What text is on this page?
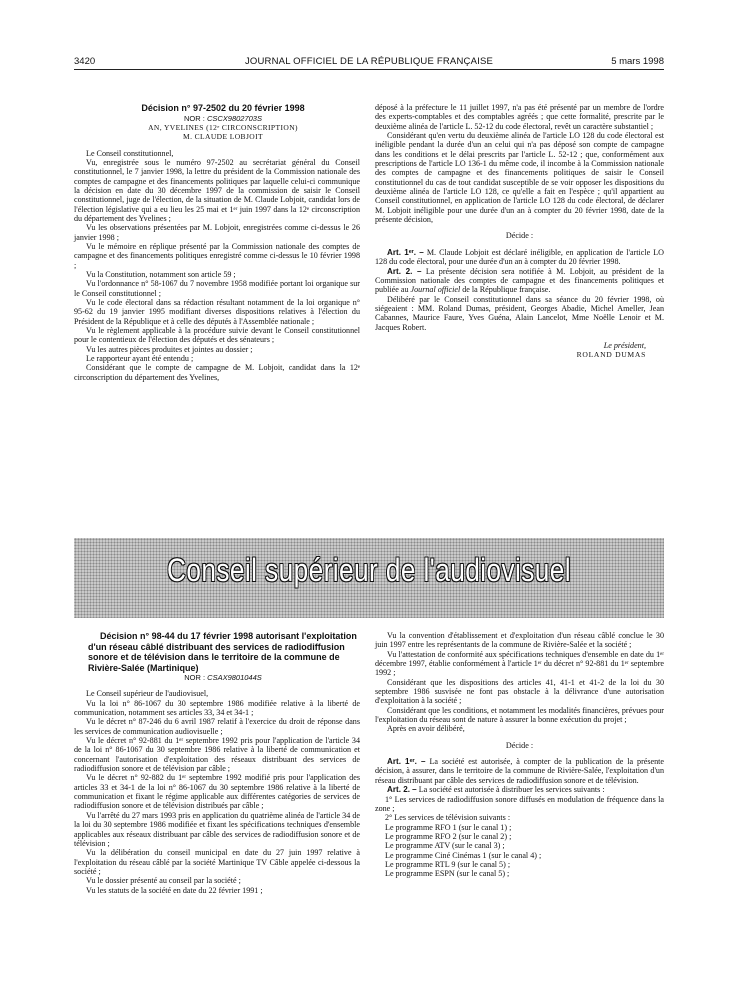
3420	JOURNAL OFFICIEL DE LA RÉPUBLIQUE FRANÇAISE	5 mars 1998

Décision n° 97-2502 du 20 février 1998

NOR : CSCX9802703S

AN, YVELINES (12ᵉ CIRCONSCRIPTION)

M. CLAUDE LOBJOIT

Le Conseil constitutionnel,

Vu, enregistrée sous le numéro 97-2502 au secrétariat général du Conseil constitutionnel, le 7 janvier 1998, la lettre du président de la Commission nationale des comptes de campagne et des financements politiques par laquelle celui-ci communique la décision en date du 30 décembre 1997 de la commission de saisir le Conseil constitutionnel, juge de l'élection, de la situation de M. Claude Lobjoit, candidat lors de l'élection législative qui a eu lieu les 25 mai et 1ᵉʳ juin 1997 dans la 12ᵉ circonscription du département des Yvelines ;

Vu les observations présentées par M. Lobjoit, enregistrées comme ci-dessus le 26 janvier 1998 ;

Vu le mémoire en réplique présenté par la Commission nationale des comptes de campagne et des financements politiques enregistré comme ci-dessus le 10 février 1998 ;

Vu la Constitution, notamment son article 59 ;

Vu l'ordonnance n° 58-1067 du 7 novembre 1958 modifiée portant loi organique sur le Conseil constitutionnel ;

Vu le code électoral dans sa rédaction résultant notamment de la loi organique n° 95-62 du 19 janvier 1995 modifiant diverses dispositions relatives à l'élection du Président de la République et à celle des députés à l'Assemblée nationale ;

Vu le règlement applicable à la procédure suivie devant le Conseil constitutionnel pour le contentieux de l'élection des députés et des sénateurs ;

Vu les autres pièces produites et jointes au dossier ;

Le rapporteur ayant été entendu ;

Considérant que le compte de campagne de M. Lobjoit, candidat dans la 12ᵉ circonscription du département des Yvelines,

déposé à la préfecture le 11 juillet 1997, n'a pas été présenté par un membre de l'ordre des experts-comptables et des comptables agréés ; que cette formalité, prescrite par le deuxième alinéa de l'article L. 52-12 du code électoral, revêt un caractère substantiel ;

Considérant qu'en vertu du deuxième alinéa de l'article LO 128 du code électoral est inéligible pendant la durée d'un an celui qui n'a pas déposé son compte de campagne dans les conditions et le délai prescrits par l'article L. 52-12 ; que, conformément aux prescriptions de l'article LO 136-1 du même code, il incombe à la Commission nationale des comptes de campagne et des financements politiques de saisir le Conseil constitutionnel du cas de tout candidat susceptible de se voir opposer les dispositions du deuxième alinéa de l'article LO 128, ce qu'elle a fait en l'espèce ; qu'il appartient au Conseil constitutionnel, en application de l'article LO 128 du code électoral, de déclarer M. Lobjoit inéligible pour une durée d'un an à compter du 20 février 1998, date de la présente décision,

Décide :

Art. 1ᵉʳ. – M. Claude Lobjoit est déclaré inéligible, en application de l'article LO 128 du code électoral, pour une durée d'un an à compter du 20 février 1998.

Art. 2. – La présente décision sera notifiée à M. Lobjoit, au président de la Commission nationale des comptes de campagne et des financements politiques et publiée au Journal officiel de la République française.

Délibéré par le Conseil constitutionnel dans sa séance du 20 février 1998, où siégeaient : MM. Roland Dumas, président, Georges Abadie, Michel Ameller, Jean Cabannes, Maurice Faure, Yves Guéna, Alain Lancelot, Mme Noëlle Lenoir et M. Jacques Robert.

Le président,
ROLAND DUMAS
Conseil supérieur de l'audiovisuel

Décision n° 98-44 du 17 février 1998 autorisant l'exploitation d'un réseau câblé distribuant des services de radiodiffusion sonore et de télévision dans le territoire de la commune de Rivière-Salée (Martinique)

NOR : CSAX9801044S

Le Conseil supérieur de l'audiovisuel,

Vu la loi n° 86-1067 du 30 septembre 1986 modifiée relative à la liberté de communication, notamment ses articles 33, 34 et 34-1 ;

Vu le décret n° 87-246 du 6 avril 1987 relatif à l'exercice du droit de réponse dans les services de communication audiovisuelle ;

Vu le décret n° 92-881 du 1ᵉʳ septembre 1992 pris pour l'application de l'article 34 de la loi n° 86-1067 du 30 septembre 1986 relative à la liberté de communication et concernant l'autorisation d'exploitation des réseaux distribuant des services de radiodiffusion sonore et de télévision par câble ;

Vu le décret n° 92-882 du 1ᵉʳ septembre 1992 modifié pris pour l'application des articles 33 et 34-1 de la loi n° 86-1067 du 30 septembre 1986 relative à la liberté de communication et fixant le régime applicable aux différentes catégories de services de radiodiffusion sonore et de télévision distribués par câble ;

Vu l'arrêté du 27 mars 1993 pris en application du quatrième alinéa de l'article 34 de la loi du 30 septembre 1986 modifiée et fixant les spécifications techniques d'ensemble applicables aux réseaux distribuant par câble des services de radiodiffusion sonore et de télévision ;

Vu la délibération du conseil municipal en date du 27 juin 1997 relative à l'exploitation du réseau câblé par la société Martinique TV Câble appelée ci-dessous la société ;

Vu le dossier présenté au conseil par la société ;

Vu les statuts de la société en date du 22 février 1991 ;

Vu la convention d'établissement et d'exploitation d'un réseau câblé conclue le 30 juin 1997 entre les représentants de la commune de Rivière-Salée et la société ;

Vu l'attestation de conformité aux spécifications techniques d'ensemble en date du 1ᵉʳ décembre 1997, établie conformément à l'article 1ᵉʳ du décret n° 92-881 du 1ᵉʳ septembre 1992 ;

Considérant que les dispositions des articles 41, 41-1 et 41-2 de la loi du 30 septembre 1986 susvisée ne font pas obstacle à la délivrance d'une autorisation d'exploitation à la société ;

Considérant que les conditions, et notamment les modalités financières, prévues pour l'exploitation du réseau sont de nature à assurer la bonne exécution du projet ;

Après en avoir délibéré,

Décide :

Art. 1ᵉʳ. – La société est autorisée, à compter de la publication de la présente décision, à assurer, dans le territoire de la commune de Rivière-Salée, l'exploitation d'un réseau distribuant par câble des services de radiodiffusion sonore et de télévision.

Art. 2. – La société est autorisée à distribuer les services suivants :

1° Les services de radiodiffusion sonore diffusés en modulation de fréquence dans la zone ;

2° Les services de télévision suivants :

Le programme RFO 1 (sur le canal 1) ;

Le programme RFO 2 (sur le canal 2) ;

Le programme ATV (sur le canal 3) ;

Le programme Ciné Cinémas 1 (sur le canal 4) ;

Le programme RTL 9 (sur le canal 5) ;

Le programme ESPN (sur le canal 5) ;
